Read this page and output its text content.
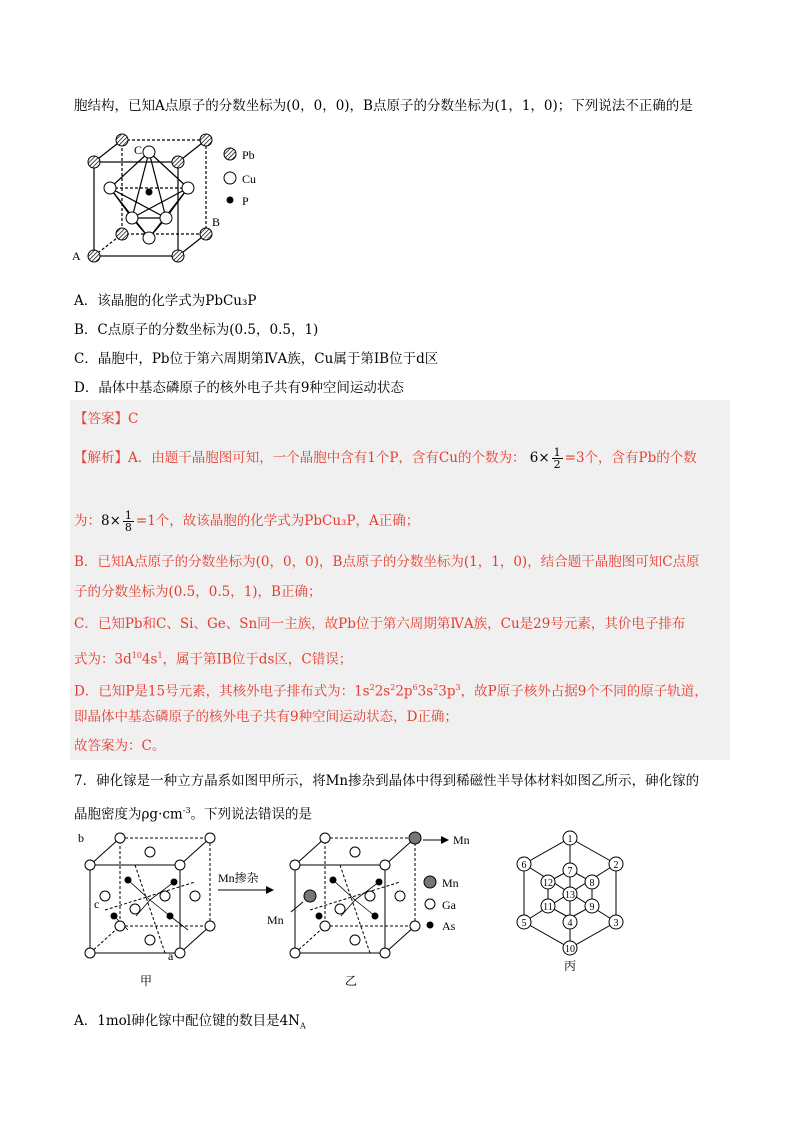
胞结构，已知A点原子的分数坐标为(0，0，0)，B点原子的分数坐标为(1，1，0)；下列说法不正确的是
C
B
A
Pb
Cu
P
A．该晶胞的化学式为PbCu₃P
B．C点原子的分数坐标为(0.5，0.5，1)
C．晶胞中，Pb位于第六周期第ⅣA族，Cu属于第ⅠB位于d区
D．晶体中基态磷原子的核外电子共有9种空间运动状态
【答案】C
【解析】A．由题干晶胞图可知，一个晶胞中含有1个P，含有Cu的个数为： $6\times \frac{1}{2} =3$个，含有Pb的个数
为：$8\times \frac{1}{8} =1$个，故该晶胞的化学式为PbCu₃P，A正确；
B．已知A点原子的分数坐标为(0，0，0)，B点原子的分数坐标为(1，1，0)，结合题干晶胞图可知C点原
子的分数坐标为(0.5，0.5，1)，B正确；
C．已知Pb和C、Si、Ge、Sn同一主族，故Pb位于第六周期第ⅣA族，Cu是29号元素，其价电子排布
式为：$3d^{10}4s^1$，属于第ⅠB位于ds区，C错误；
D．已知P是15号元素，其核外电子排布式为：$1s^22s^22p^63s^23p^3$，故P原子核外占据9个不同的原子轨道，
即晶体中基态磷原子的核外电子共有9种空间运动状态，D正确；
故答案为：C。
7．砷化镓是一种立方晶系如图甲所示，将Mn掺杂到晶体中得到稀磁性半导体材料如图乙所示，砷化镓的
晶胞密度为$\rho g\cdot cm^{-3}$。下列说法错误的是
b
c
a
甲
Mn掺杂
Mn
Mn
乙
Mn
Ga
As
1
2
3
7
5
6
4
8
9
10
11
12
13
丙
A．1mol砷化镓中配位键的数目是$4N_A$
